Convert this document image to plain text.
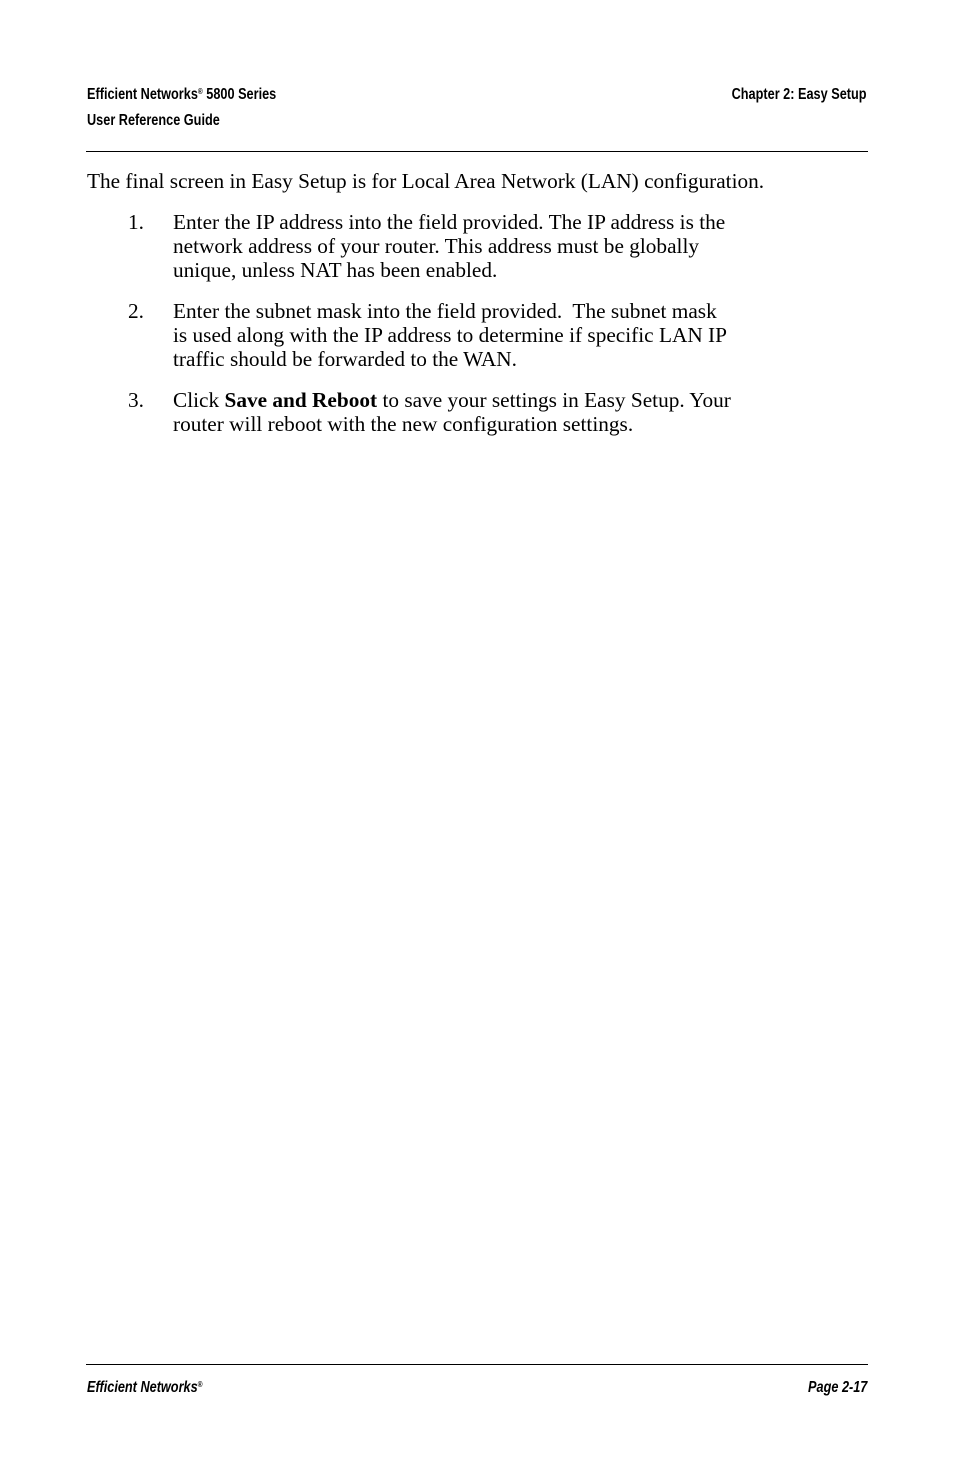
Efficient Networks® 5800 Series
User Reference Guide
Chapter 2: Easy Setup

The final screen in Easy Setup is for Local Area Network (LAN) configuration.

1. Enter the IP address into the field provided. The IP address is the network address of your router. This address must be globally unique, unless NAT has been enabled.
2. Enter the subnet mask into the field provided.  The subnet mask is used along with the IP address to determine if specific LAN IP traffic should be forwarded to the WAN.
3. Click Save and Reboot to save your settings in Easy Setup. Your router will reboot with the new configuration settings.
Efficient Networks®	Page 2-17
